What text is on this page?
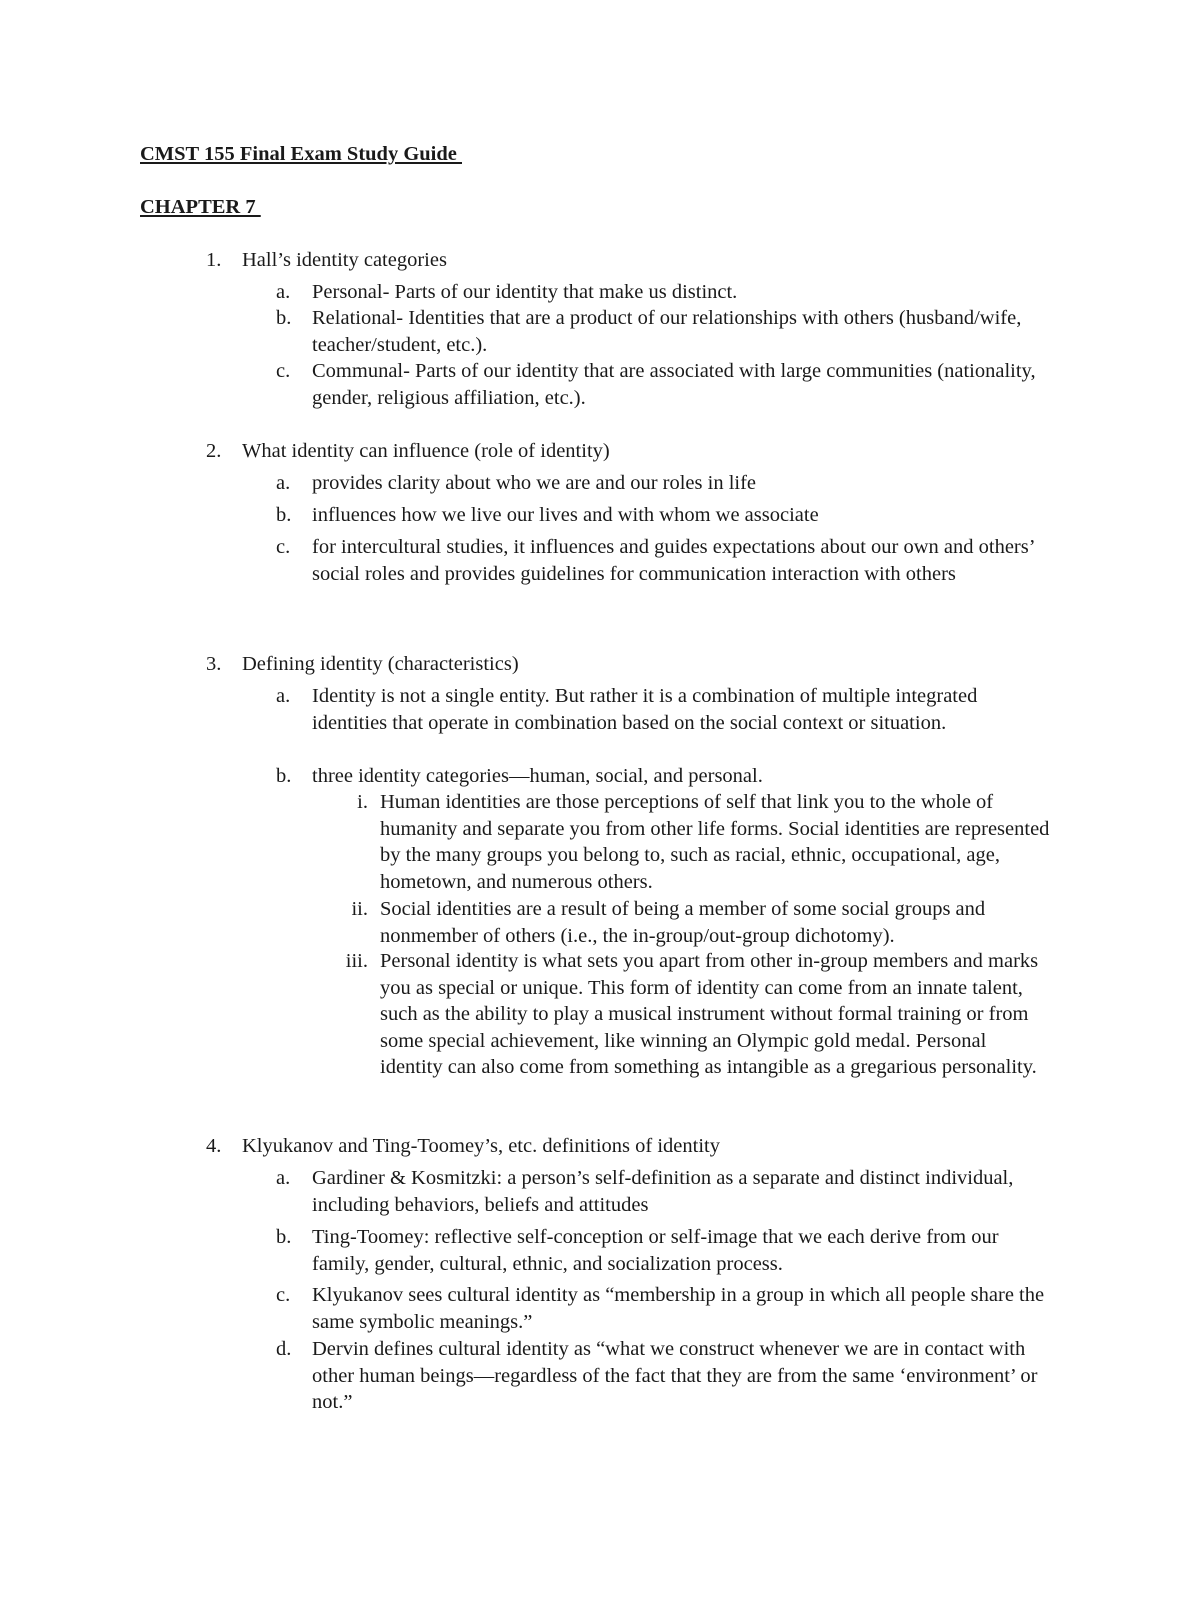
CMST 155 Final Exam Study Guide
CHAPTER 7
1.	Hall’s identity categories
a.	Personal- Parts of our identity that make us distinct.
b.	Relational- Identities that are a product of our relationships with others (husband/wife, teacher/student, etc.).
c.	Communal- Parts of our identity that are associated with large communities (nationality, gender, religious affiliation, etc.).
2.	What identity can influence (role of identity)
a.	provides clarity about who we are and our roles in life
b.	influences how we live our lives and with whom we associate
c.	for intercultural studies, it influences and guides expectations about our own and others’ social roles and provides guidelines for communication interaction with others
3.	Defining identity (characteristics)
a.	Identity is not a single entity. But rather it is a combination of multiple integrated identities that operate in combination based on the social context or situation.
b.	three identity categories—human, social, and personal.
i. Human identities are those perceptions of self that link you to the whole of humanity and separate you from other life forms. Social identities are represented by the many groups you belong to, such as racial, ethnic, occupational, age, hometown, and numerous others.
ii. Social identities are a result of being a member of some social groups and nonmember of others (i.e., the in-group/out-group dichotomy).
iii. Personal identity is what sets you apart from other in-group members and marks you as special or unique. This form of identity can come from an innate talent, such as the ability to play a musical instrument without formal training or from some special achievement, like winning an Olympic gold medal. Personal identity can also come from something as intangible as a gregarious personality.
4.	Klyukanov and Ting-Toomey’s, etc. definitions of identity
a.	Gardiner & Kosmitzki: a person’s self-definition as a separate and distinct individual, including behaviors, beliefs and attitudes
b.	Ting-Toomey: reflective self-conception or self-image that we each derive from our family, gender, cultural, ethnic, and socialization process.
c.	Klyukanov sees cultural identity as “membership in a group in which all people share the same symbolic meanings.”
d.	Dervin defines cultural identity as “what we construct whenever we are in contact with other human beings—regardless of the fact that they are from the same ‘environment’ or not.”
